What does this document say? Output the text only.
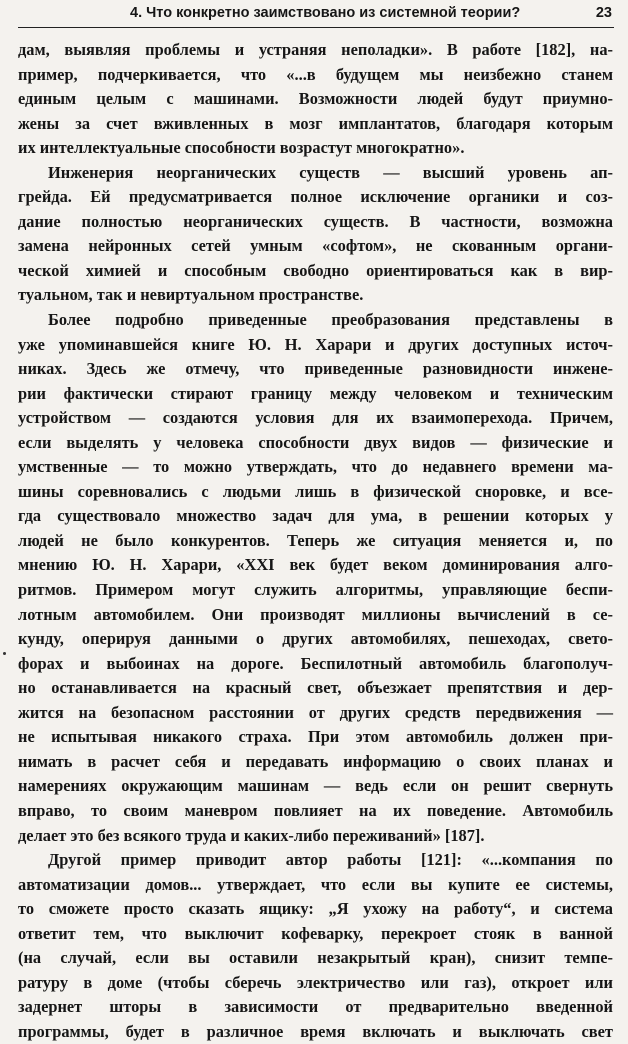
4. Что конкретно заимствовано из системной теории?	23
дам, выявляя проблемы и устраняя неполадки». В работе [182], на-
пример, подчеркивается, что «...в будущем мы неизбежно станем
единым целым с машинами. Возможности людей будут приумно-
жены за счет вживленных в мозг имплантатов, благодаря которым
их интеллектуальные способности возрастут многократно».
Инженерия неорганических существ — высший уровень ап-
грейда. Ей предусматривается полное исключение органики и соз-
дание полностью неорганических существ. В частности, возможна
замена нейронных сетей умным «софтом», не скованным органи-
ческой химией и способным свободно ориентироваться как в вир-
туальном, так и невиртуальном пространстве.
Более подробно приведенные преобразования представлены в
уже упоминавшейся книге Ю. Н. Харари и других доступных источ-
никах. Здесь же отмечу, что приведенные разновидности инжене-
рии фактически стирают границу между человеком и техническим
устройством — создаются условия для их взаимоперехода. Причем,
если выделять у человека способности двух видов — физические и
умственные — то можно утверждать, что до недавнего времени ма-
шины соревновались с людьми лишь в физической сноровке, и все-
гда существовало множество задач для ума, в решении которых у
людей не было конкурентов. Теперь же ситуация меняется и, по
мнению Ю. Н. Харари, «XXI век будет веком доминирования алго-
ритмов. Примером могут служить алгоритмы, управляющие беспи-
лотным автомобилем. Они производят миллионы вычислений в се-
кунду, оперируя данными о других автомобилях, пешеходах, свето-
форах и выбоинах на дороге. Беспилотный автомобиль благополуч-
но останавливается на красный свет, объезжает препятствия и дер-
жится на безопасном расстоянии от других средств передвижения —
не испытывая никакого страха. При этом автомобиль должен при-
нимать в расчет себя и передавать информацию о своих планах и
намерениях окружающим машинам — ведь если он решит свернуть
вправо, то своим маневром повлияет на их поведение. Автомобиль
делает это без всякого труда и каких-либо переживаний» [187].
Другой пример приводит автор работы [121]: «...компания по
автоматизации домов... утверждает, что если вы купите ее системы,
то сможете просто сказать ящику: „Я ухожу на работу“, и система
ответит тем, что выключит кофеварку, перекроет стояк в ванной
(на случай, если вы оставили незакрытый кран), снизит темпе-
ратуру в доме (чтобы сберечь электричество или газ), откроет или
задернет шторы в зависимости от предварительно введенной
программы, будет в различное время включать и выключать свет
